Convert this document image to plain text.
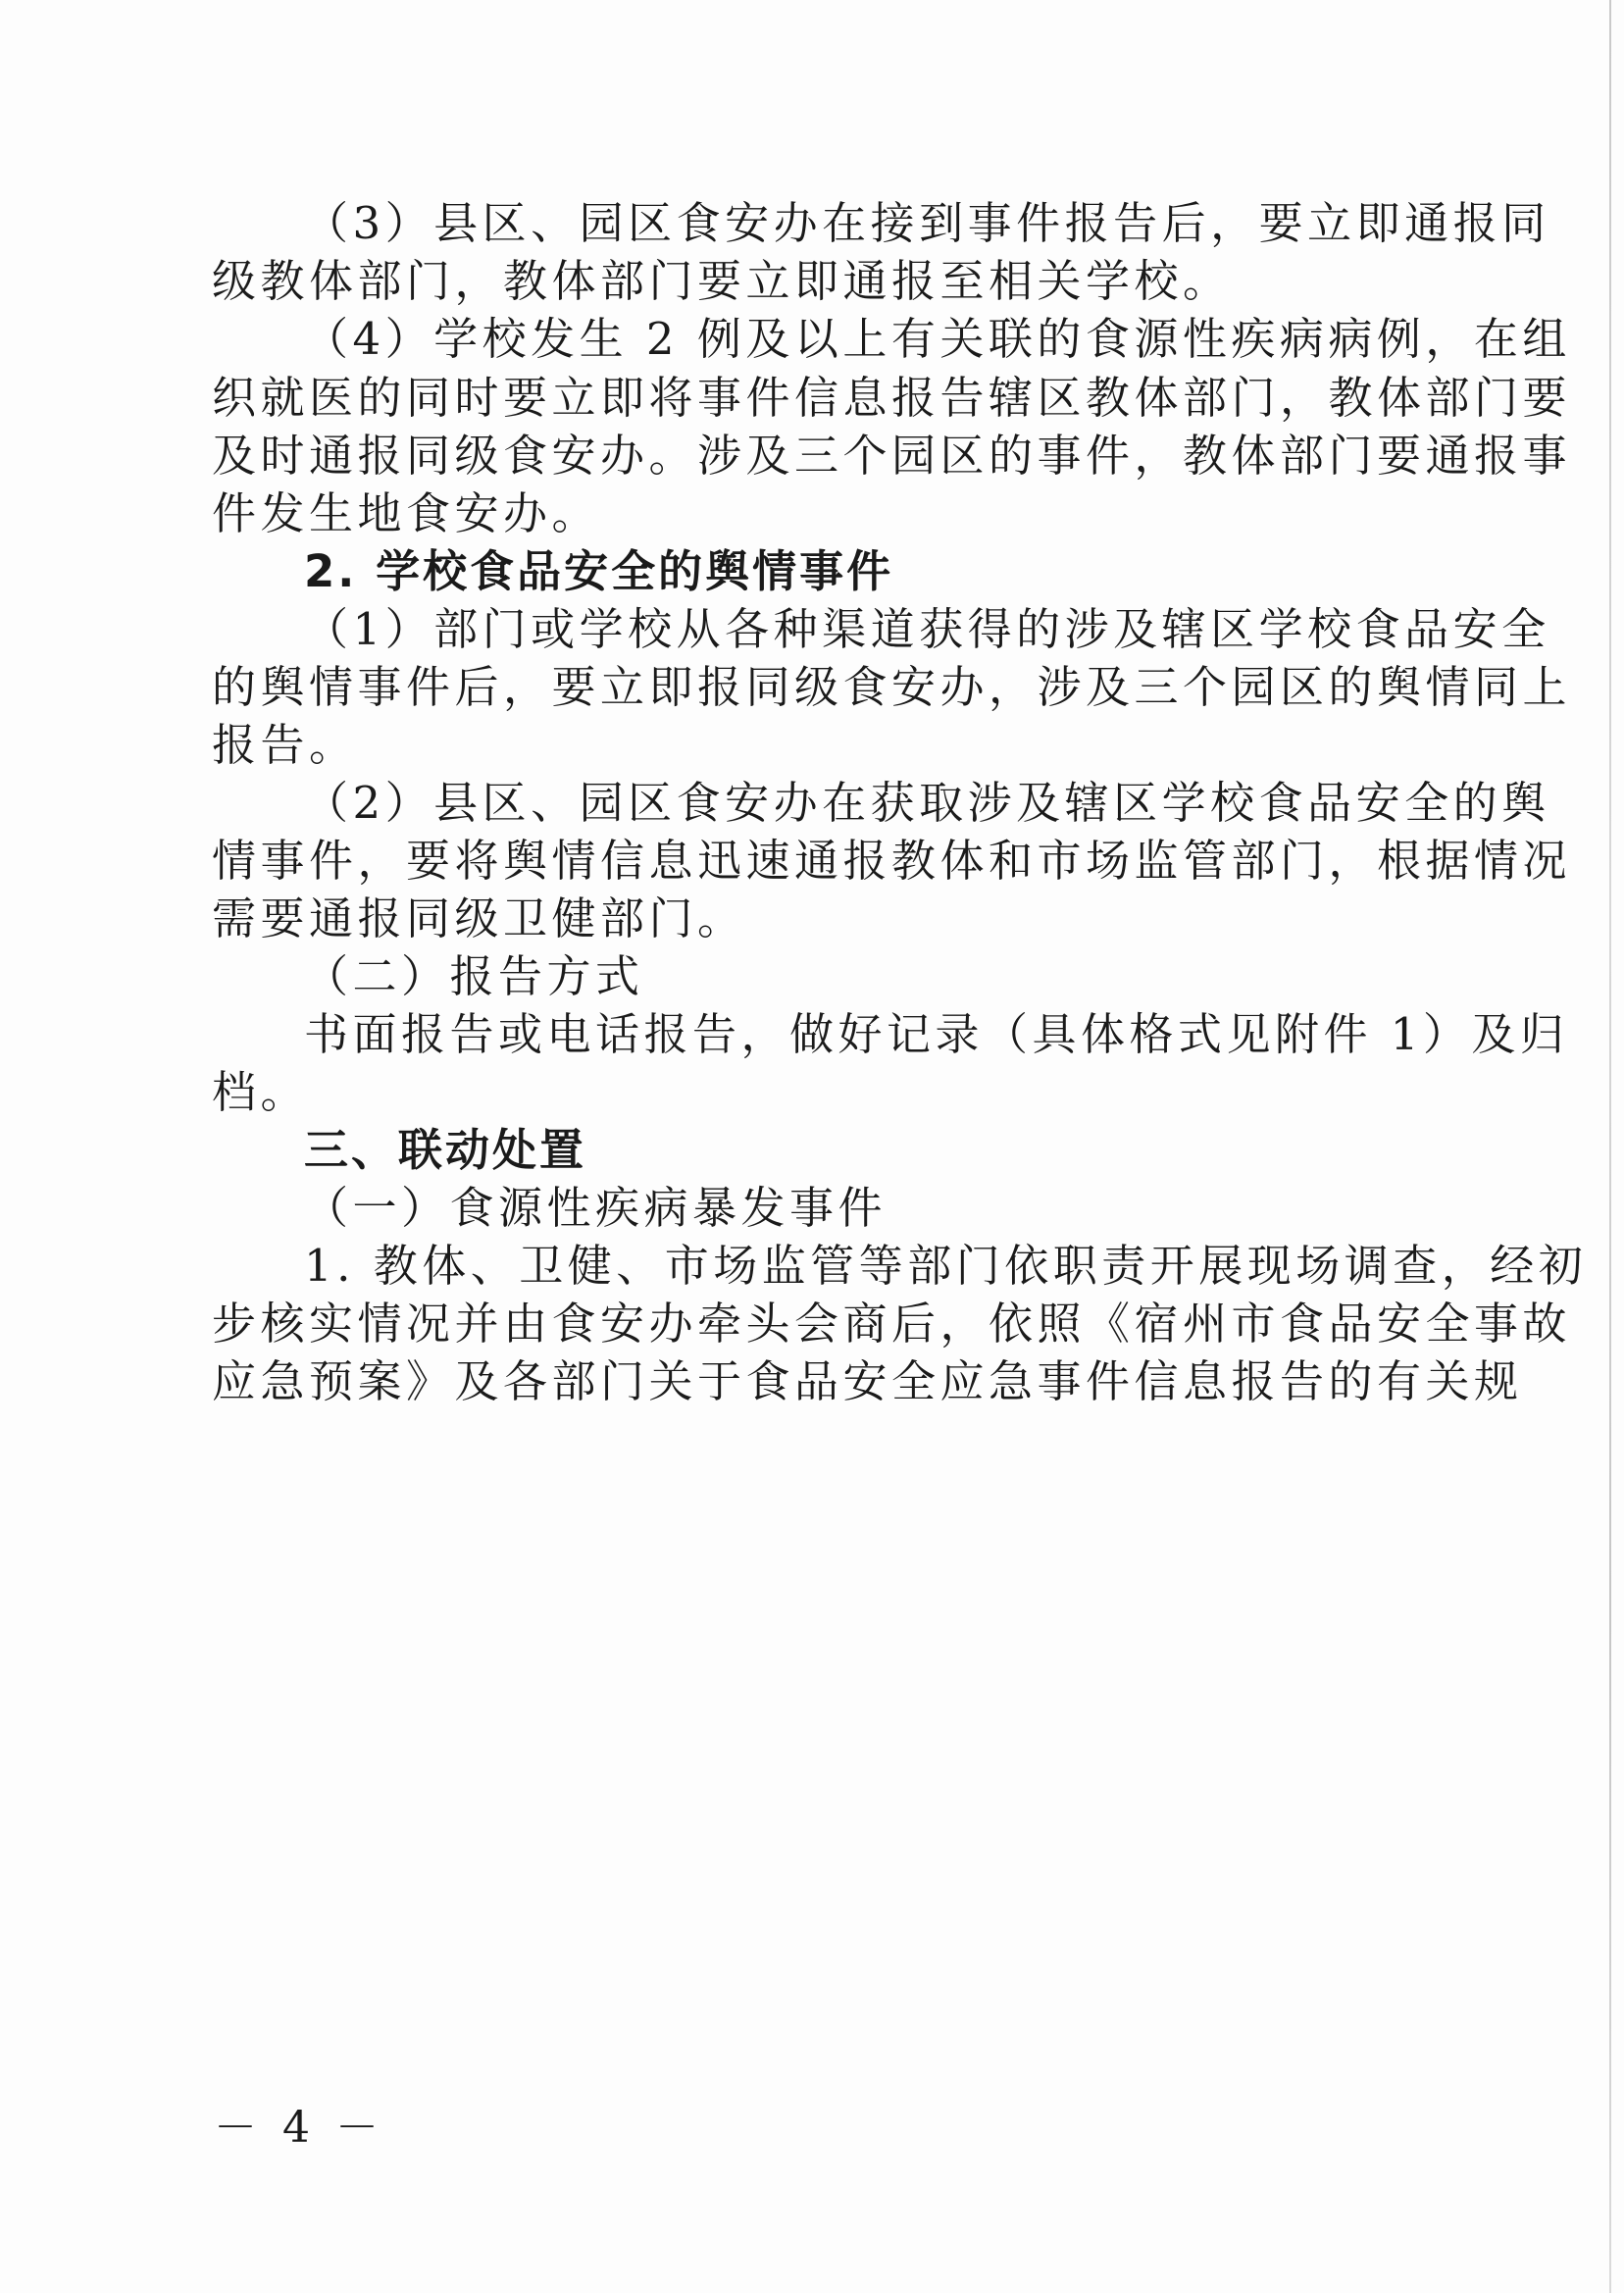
（3）县区、园区食安办在接到事件报告后，要立即通报同
级教体部门，教体部门要立即通报至相关学校。
（4）学校发生 2 例及以上有关联的食源性疾病病例，在组
织就医的同时要立即将事件信息报告辖区教体部门，教体部门要
及时通报同级食安办。涉及三个园区的事件，教体部门要通报事
件发生地食安办。
2. 学校食品安全的舆情事件
（1）部门或学校从各种渠道获得的涉及辖区学校食品安全
的舆情事件后，要立即报同级食安办，涉及三个园区的舆情同上
报告。
（2）县区、园区食安办在获取涉及辖区学校食品安全的舆
情事件，要将舆情信息迅速通报教体和市场监管部门，根据情况
需要通报同级卫健部门。
（二）报告方式
书面报告或电话报告，做好记录（具体格式见附件 1）及归
档。
三、联动处置
（一）食源性疾病暴发事件
1. 教体、卫健、市场监管等部门依职责开展现场调查，经初
步核实情况并由食安办牵头会商后，依照《宿州市食品安全事故
应急预案》及各部门关于食品安全应急事件信息报告的有关规
－ 4 －
